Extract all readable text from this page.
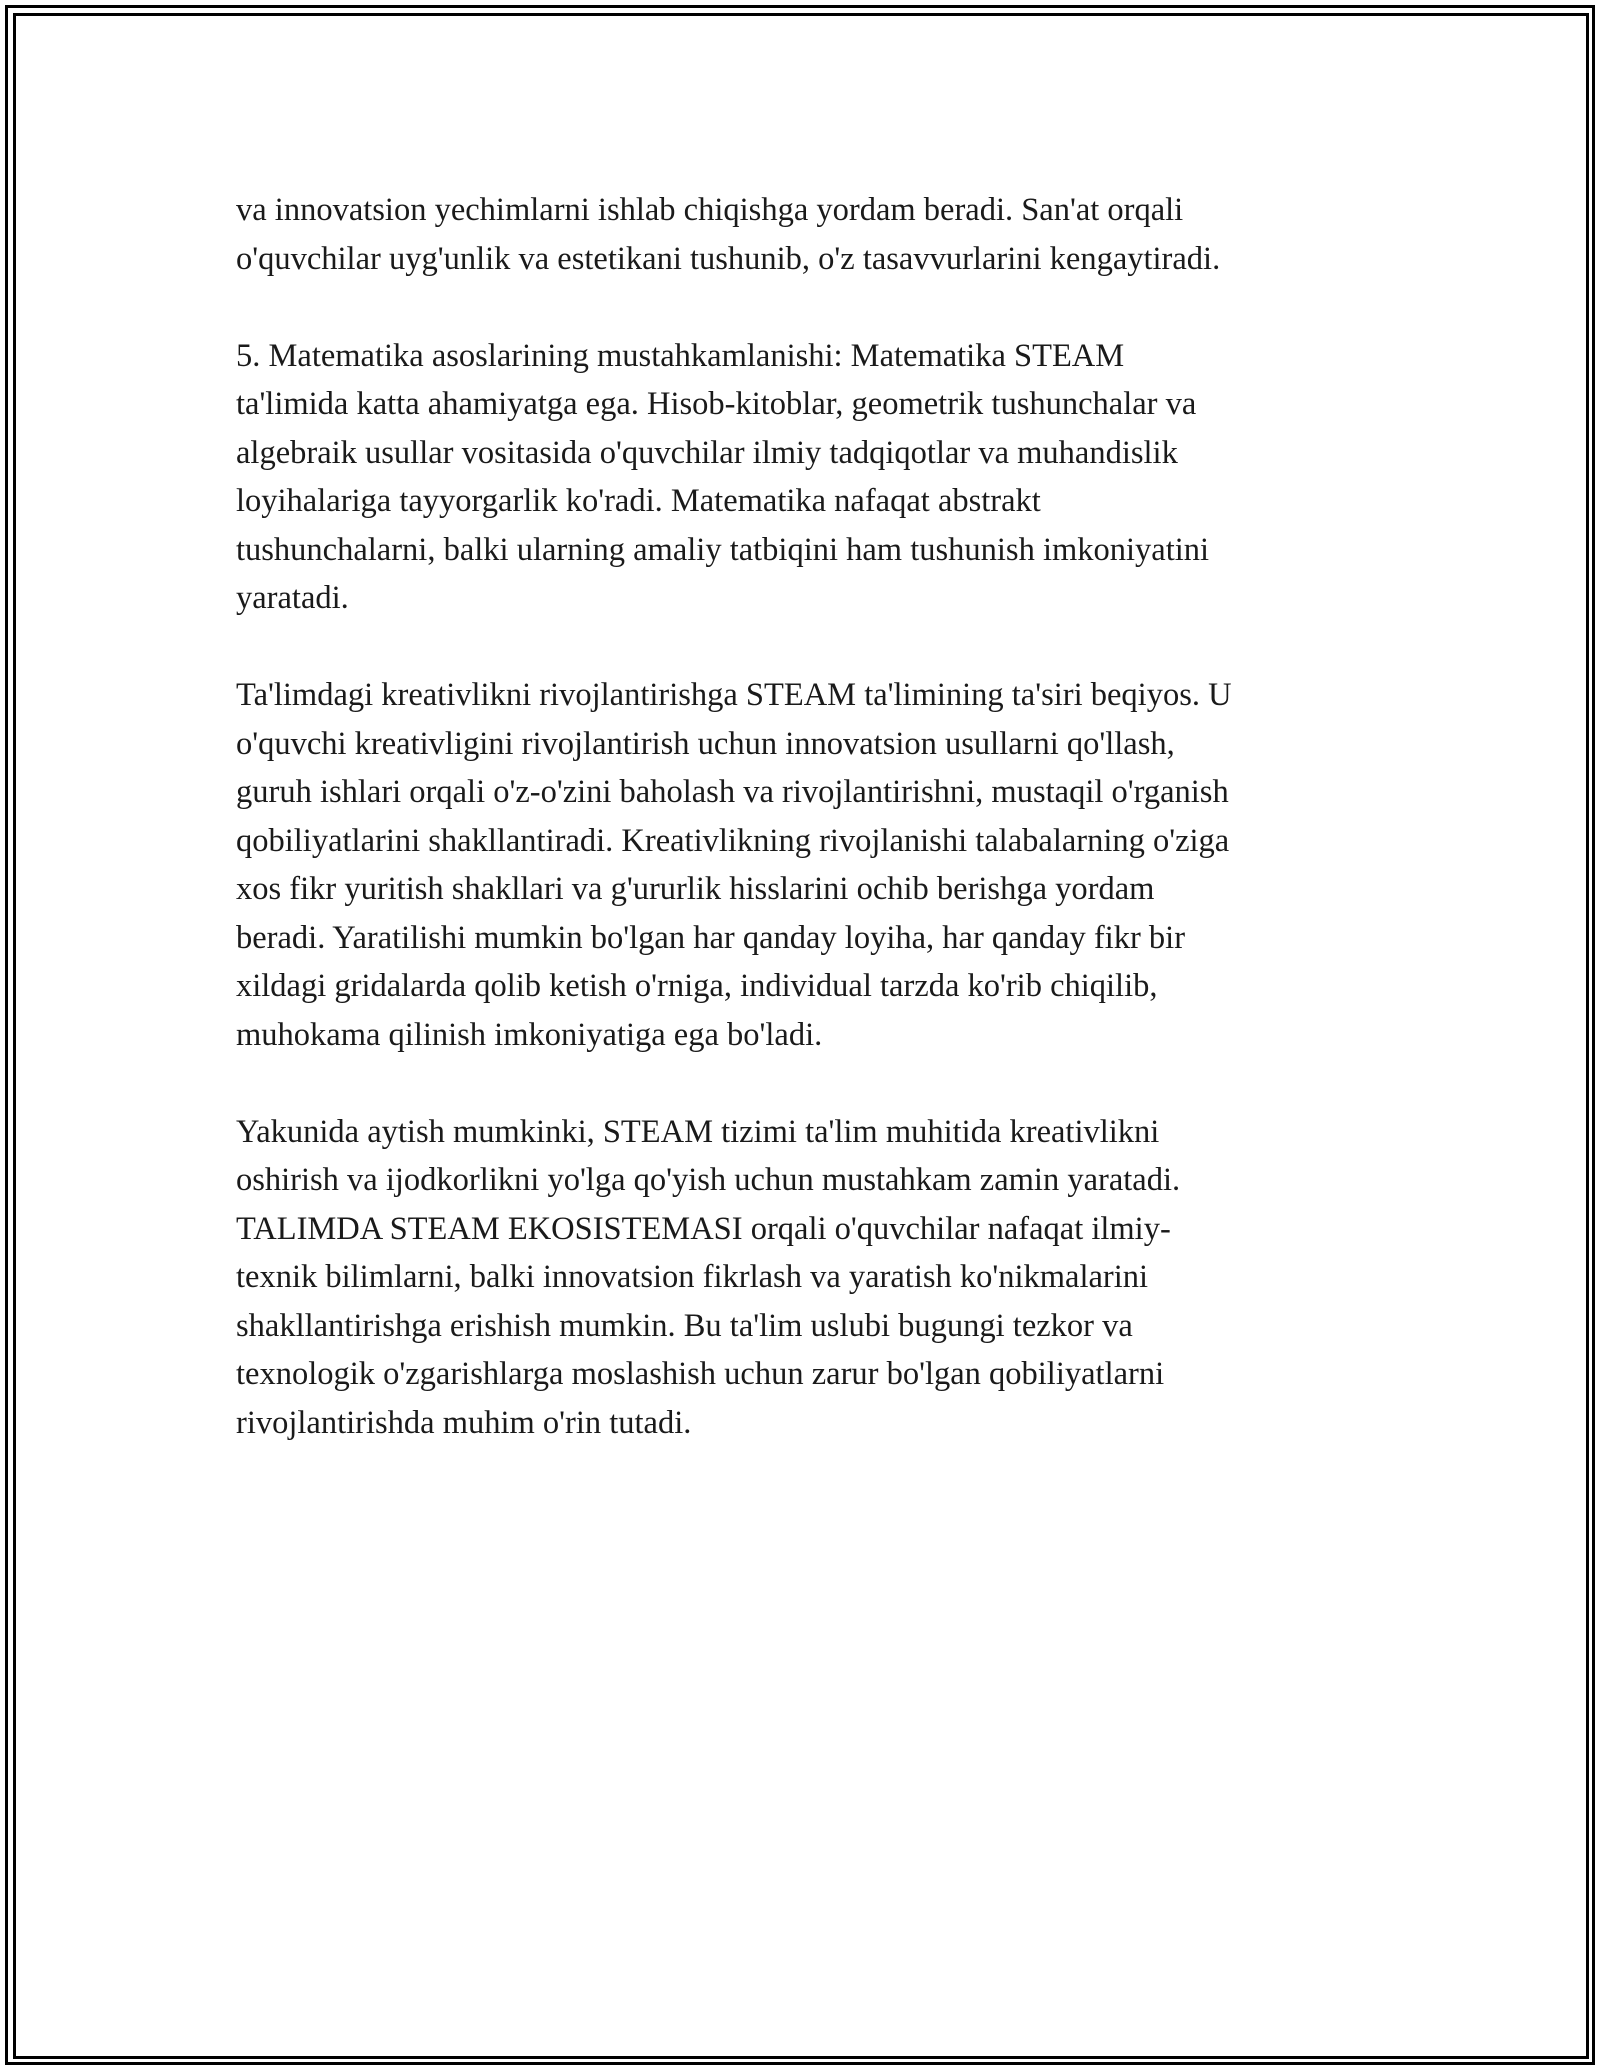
va innovatsion yechimlarni ishlab chiqishga yordam beradi. San'at orqali
o'quvchilar uyg'unlik va estetikani tushunib, o'z tasavvurlarini kengaytiradi.

5. Matematika asoslarining mustahkamlanishi: Matematika STEAM
ta'limida katta ahamiyatga ega. Hisob-kitoblar, geometrik tushunchalar va
algebraik usullar vositasida o'quvchilar ilmiy tadqiqotlar va muhandislik
loyihalariga tayyorgarlik ko'radi. Matematika nafaqat abstrakt
tushunchalarni, balki ularning amaliy tatbiqini ham tushunish imkoniyatini
yaratadi.

Ta'limdagi kreativlikni rivojlantirishga STEAM ta'limining ta'siri beqiyos. U
o'quvchi kreativligini rivojlantirish uchun innovatsion usullarni qo'llash,
guruh ishlari orqali o'z-o'zini baholash va rivojlantirishni, mustaqil o'rganish
qobiliyatlarini shakllantiradi. Kreativlikning rivojlanishi talabalarning o'ziga
xos fikr yuritish shakllari va g'ururlik hisslarini ochib berishga yordam
beradi. Yaratilishi mumkin bo'lgan har qanday loyiha, har qanday fikr bir
xildagi gridalarda qolib ketish o'rniga, individual tarzda ko'rib chiqilib,
muhokama qilinish imkoniyatiga ega bo'ladi.

Yakunida aytish mumkinki, STEAM tizimi ta'lim muhitida kreativlikni
oshirish va ijodkorlikni yo'lga qo'yish uchun mustahkam zamin yaratadi.
TALIMDA STEAM EKOSISTEMASI orqali o'quvchilar nafaqat ilmiy-
texnik bilimlarni, balki innovatsion fikrlash va yaratish ko'nikmalarini
shakllantirishga erishish mumkin. Bu ta'lim uslubi bugungi tezkor va
texnologik o'zgarishlarga moslashish uchun zarur bo'lgan qobiliyatlarni
rivojlantirishda muhim o'rin tutadi.
